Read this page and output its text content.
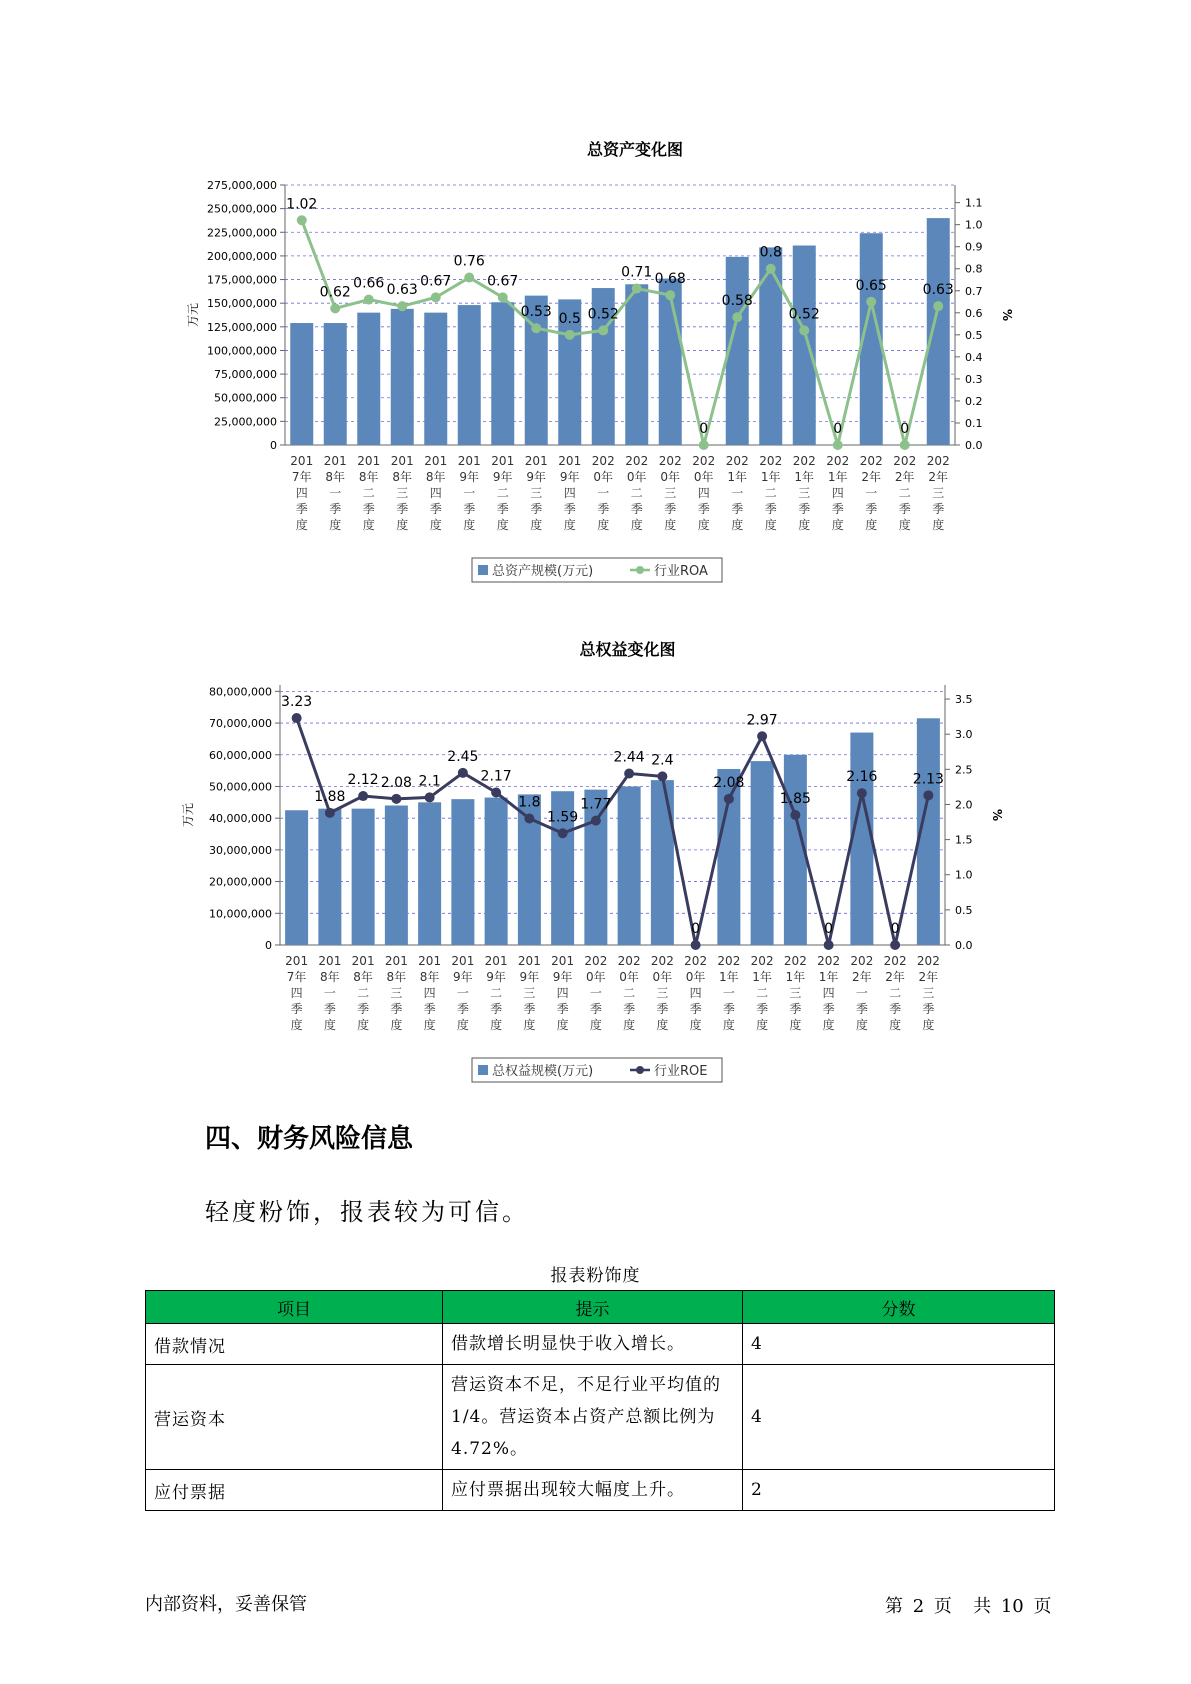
总资产变化图
275,000,000
250,000,000
225,000,000
200,000,000
175,000,000
150,000,000
125,000,000
100,000,000
75,000,000
50,000,000
25,000,000
0
1.1
1.0
0.9
0.8
0.7
0.6
0.5
0.4
0.3
0.2
0.1
0.0
万元	%
1.02
0.62
0.66 0.63
0.67
0.76
0.67
0.53 0.5 0.52
0.71 0.68
0
0.58
0.8
0.52
0
0.65
0
0.63
201 7年四季度
201 8年一季度
201 8年二季度
201 8年三季度
201 8年四季度
201 9年一季度
201 9年二季度
201 9年三季度
201 9年四季度
202 0年一季度
202 0年二季度
202 0年三季度
202 0年四季度
202 1年一季度
202 1年二季度
202 1年三季度
202 1年四季度
202 2年一季度
202 2年二季度
202 2年三季度
总资产规模(万元)	行业ROA
总权益变化图
80,000,000
70,000,000
60,000,000
50,000,000
40,000,000
30,000,000
20,000,000
10,000,000
0
3.5
3.0
2.5
2.0
1.5
1.0
0.5
0.0
万元	%
3.23
1.88
2.12 2.08 2.1
2.45
2.17
1.8
1.59
1.77
2.44 2.4
0
2.08
2.97
1.85
0
2.16
0
2.13
201 7年四季度
201 8年一季度
201 8年二季度
201 8年三季度
201 8年四季度
201 9年一季度
201 9年二季度
201 9年三季度
201 9年四季度
202 0年一季度
202 0年二季度
202 0年三季度
202 0年四季度
202 1年一季度
202 1年二季度
202 1年三季度
202 1年四季度
202 2年一季度
202 2年二季度
202 2年三季度
总权益规模(万元)	行业ROE
四、财务风险信息
轻度粉饰，报表较为可信。
报表粉饰度
项目	提示	分数
借款情况	借款增长明显快于收入增长。	4
营运资本	营运资本不足，不足行业平均值的1/4。营运资本占资产总额比例为4.72%。	4
应付票据	应付票据出现较大幅度上升。	2
内部资料，妥善保管	第 2 页 共 10 页
